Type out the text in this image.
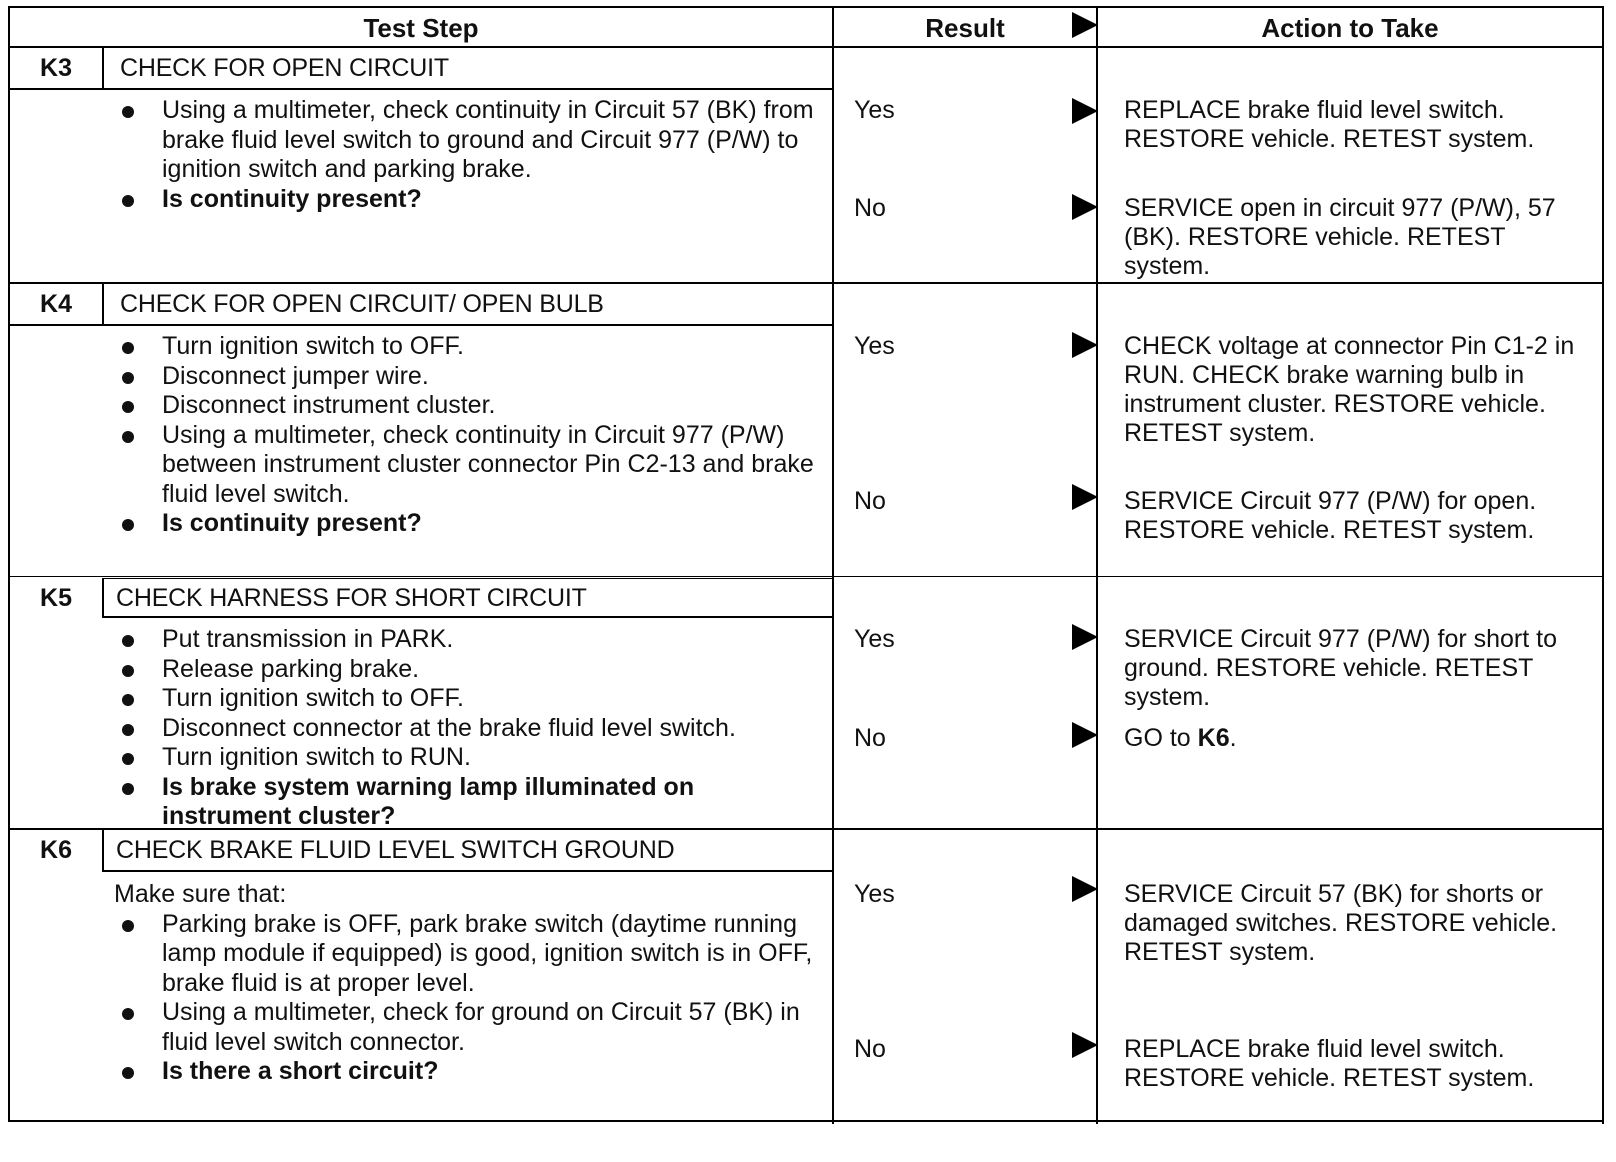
Test Step	Result	Action to Take
K3	CHECK FOR OPEN CIRCUIT
Using a multimeter, check continuity in Circuit 57 (BK) from brake fluid level switch to ground and Circuit 977 (P/W) to ignition switch and parking brake.
Is continuity present?
Yes	REPLACE brake fluid level switch. RESTORE vehicle. RETEST system.
No	SERVICE open in circuit 977 (P/W), 57 (BK). RESTORE vehicle. RETEST system.
K4	CHECK FOR OPEN CIRCUIT/ OPEN BULB
Turn ignition switch to OFF.
Disconnect jumper wire.
Disconnect instrument cluster.
Using a multimeter, check continuity in Circuit 977 (P/W) between instrument cluster connector Pin C2-13 and brake fluid level switch.
Is continuity present?
Yes	CHECK voltage at connector Pin C1-2 in RUN. CHECK brake warning bulb in instrument cluster. RESTORE vehicle. RETEST system.
No	SERVICE Circuit 977 (P/W) for open. RESTORE vehicle. RETEST system.
K5	CHECK HARNESS FOR SHORT CIRCUIT
Put transmission in PARK.
Release parking brake.
Turn ignition switch to OFF.
Disconnect connector at the brake fluid level switch.
Turn ignition switch to RUN.
Is brake system warning lamp illuminated on instrument cluster?
Yes	SERVICE Circuit 977 (P/W) for short to ground. RESTORE vehicle. RETEST system.
No	GO to K6.
K6	CHECK BRAKE FLUID LEVEL SWITCH GROUND
Make sure that:
Parking brake is OFF, park brake switch (daytime running lamp module if equipped) is good, ignition switch is in OFF, brake fluid is at proper level.
Using a multimeter, check for ground on Circuit 57 (BK) in fluid level switch connector.
Is there a short circuit?
Yes	SERVICE Circuit 57 (BK) for shorts or damaged switches. RESTORE vehicle. RETEST system.
No	REPLACE brake fluid level switch. RESTORE vehicle. RETEST system.
